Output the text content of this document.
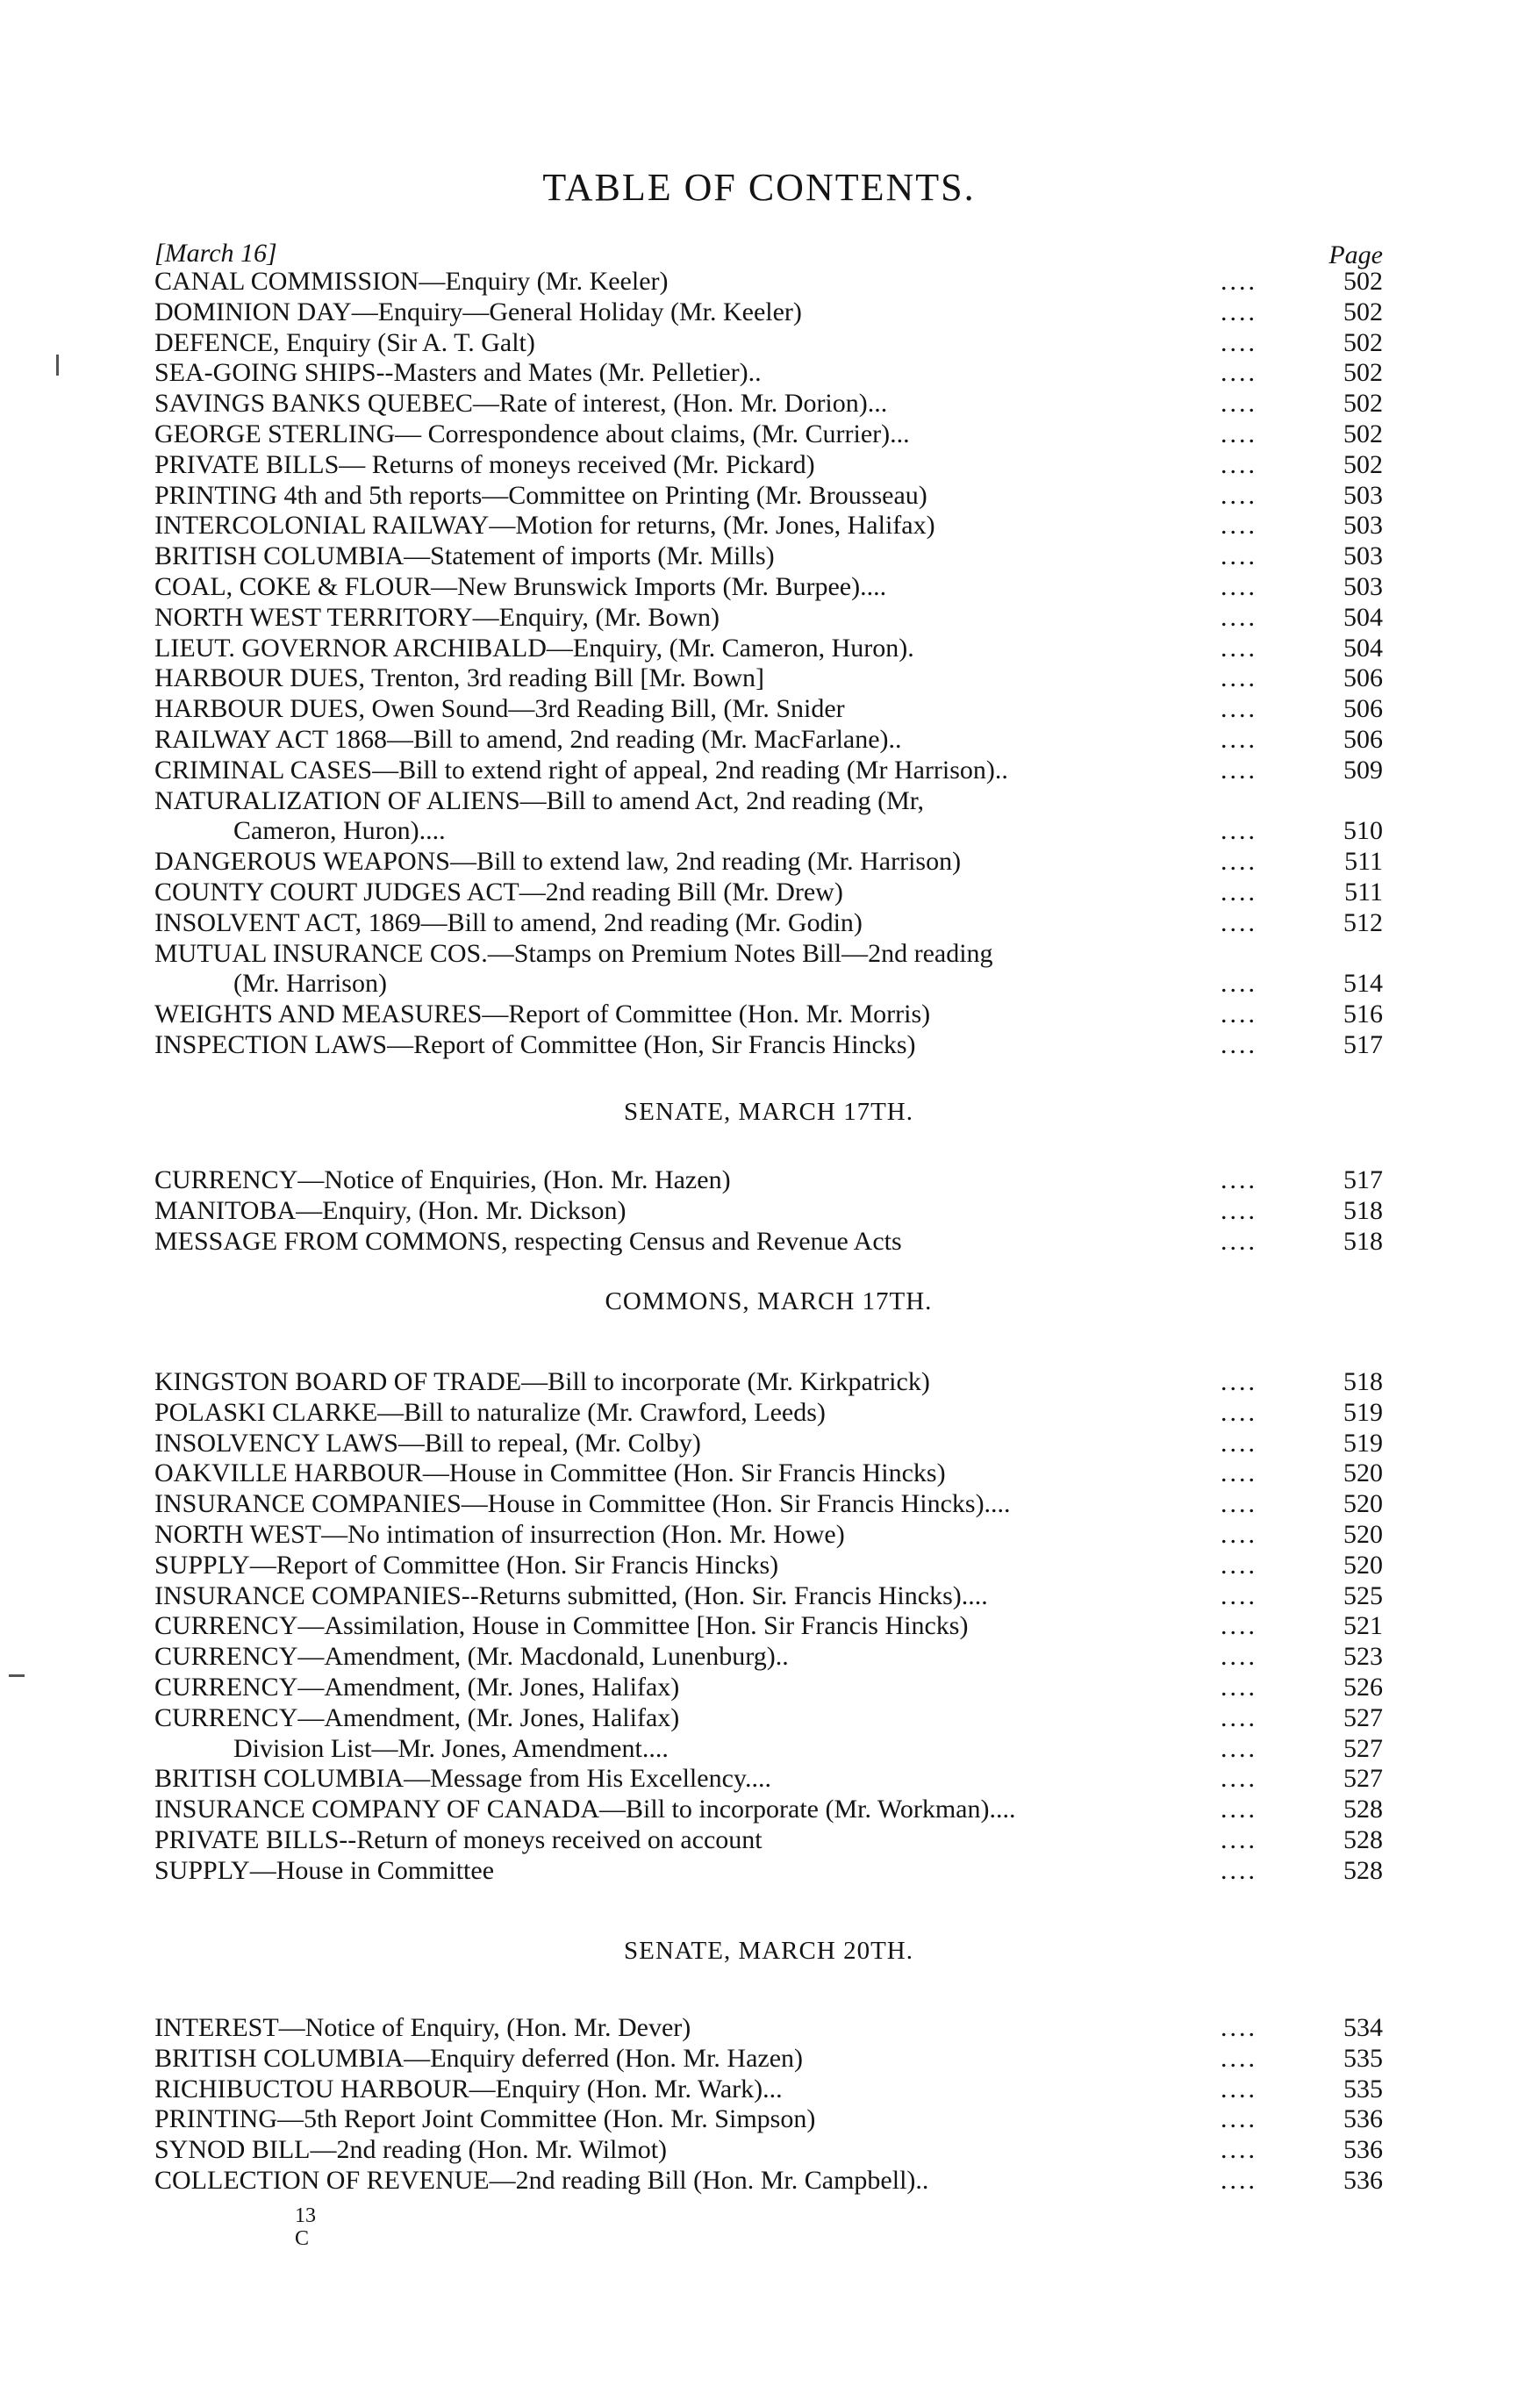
TABLE OF CONTENTS.
[March 16]	Page
CANAL COMMISSION—Enquiry (Mr. Keeler)	....	502
DOMINION DAY—Enquiry—General Holiday (Mr. Keeler)	....	502
DEFENCE, Enquiry (Sir A. T. Galt)	....	502
SEA-GOING SHIPS--Masters and Mates (Mr. Pelletier)..	....	502
SAVINGS BANKS QUEBEC—Rate of interest, (Hon. Mr. Dorion)...	....	502
GEORGE STERLING— Correspondence about claims, (Mr. Currier)...	....	502
PRIVATE BILLS— Returns of moneys received (Mr. Pickard)	....	502
PRINTING 4th and 5th reports—Committee on Printing (Mr. Brousseau)	....	503
INTERCOLONIAL RAILWAY—Motion for returns, (Mr. Jones, Halifax)	....	503
BRITISH COLUMBIA—Statement of imports (Mr. Mills)	....	503
COAL, COKE & FLOUR—New Brunswick Imports (Mr. Burpee)....	....	503
NORTH WEST TERRITORY—Enquiry, (Mr. Bown)	....	504
LIEUT. GOVERNOR ARCHIBALD—Enquiry, (Mr. Cameron, Huron).	....	504
HARBOUR DUES, Trenton, 3rd reading Bill [Mr. Bown]	....	506
HARBOUR DUES, Owen Sound—3rd Reading Bill, (Mr. Snider	....	506
RAILWAY ACT 1868—Bill to amend, 2nd reading (Mr. MacFarlane)..	....	506
CRIMINAL CASES—Bill to extend right of appeal, 2nd reading (Mr Harrison)..	....	509
NATURALIZATION OF ALIENS—Bill to amend Act, 2nd reading (Mr,
Cameron, Huron)....	....	510
DANGEROUS WEAPONS—Bill to extend law, 2nd reading (Mr. Harrison)	....	511
COUNTY COURT JUDGES ACT—2nd reading Bill (Mr. Drew)	....	511
INSOLVENT ACT, 1869—Bill to amend, 2nd reading (Mr. Godin)	....	512
MUTUAL INSURANCE COS.—Stamps on Premium Notes Bill—2nd reading
(Mr. Harrison)	....	514
WEIGHTS AND MEASURES—Report of Committee (Hon. Mr. Morris)	....	516
INSPECTION LAWS—Report of Committee (Hon, Sir Francis Hincks)	....	517
SENATE, MARCH 17TH.
CURRENCY—Notice of Enquiries, (Hon. Mr. Hazen)	....	517
MANITOBA—Enquiry, (Hon. Mr. Dickson)	....	518
MESSAGE FROM COMMONS, respecting Census and Revenue Acts	....	518
COMMONS, MARCH 17TH.
KINGSTON BOARD OF TRADE—Bill to incorporate (Mr. Kirkpatrick)	....	518
POLASKI CLARKE—Bill to naturalize (Mr. Crawford, Leeds)	....	519
INSOLVENCY LAWS—Bill to repeal, (Mr. Colby)	....	519
OAKVILLE HARBOUR—House in Committee (Hon. Sir Francis Hincks)	....	520
INSURANCE COMPANIES—House in Committee (Hon. Sir Francis Hincks)....	....	520
NORTH WEST—No intimation of insurrection (Hon. Mr. Howe)	....	520
SUPPLY—Report of Committee (Hon. Sir Francis Hincks)	....	520
INSURANCE COMPANIES--Returns submitted, (Hon. Sir. Francis Hincks)....	....	525
CURRENCY—Assimilation, House in Committee [Hon. Sir Francis Hincks)	....	521
CURRENCY—Amendment, (Mr. Macdonald, Lunenburg)..	....	523
CURRENCY—Amendment, (Mr. Jones, Halifax)	....	526
CURRENCY—Amendment, (Mr. Jones, Halifax)	....	527
Division List—Mr. Jones, Amendment....	....	527
BRITISH COLUMBIA—Message from His Excellency....	....	527
INSURANCE COMPANY OF CANADA—Bill to incorporate (Mr. Workman)....	....	528
PRIVATE BILLS--Return of moneys received on account	....	528
SUPPLY—House in Committee	....	528
SENATE, MARCH 20TH.
INTEREST—Notice of Enquiry, (Hon. Mr. Dever)	....	534
BRITISH COLUMBIA—Enquiry deferred (Hon. Mr. Hazen)	....	535
RICHIBUCTOU HARBOUR—Enquiry (Hon. Mr. Wark)...	....	535
PRINTING—5th Report Joint Committee (Hon. Mr. Simpson)	....	536
SYNOD BILL—2nd reading (Hon. Mr. Wilmot)	....	536
COLLECTION OF REVENUE—2nd reading Bill (Hon. Mr. Campbell)..	....	536
13
C
